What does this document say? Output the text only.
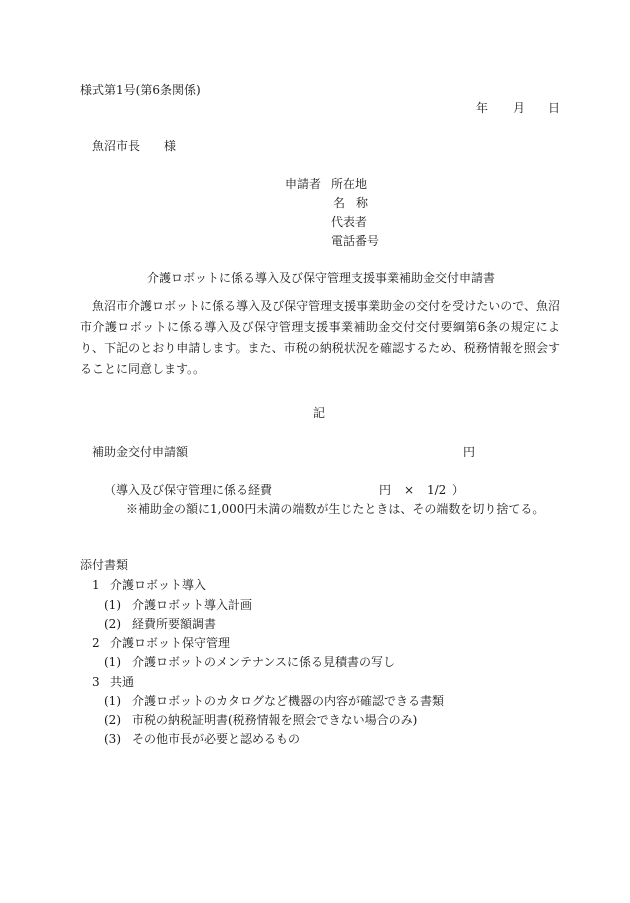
様式第1号(第6条関係)
年 月 日
魚沼市長 様
申請者 所在地
名 称
代表者
電話番号
介護ロボットに係る導入及び保守管理支援事業補助金交付申請書
魚沼市介護ロボットに係る導入及び保守管理支援事業助金の交付を受けたいので、魚沼市介護ロボットに係る導入及び保守管理支援事業補助金交付交付要綱第6条の規定により、下記のとおり申請します。また、市税の納税状況を確認するため、税務情報を照会することに同意します。。
記
補助金交付申請額	円
（導入及び保守管理に係る経費	円 × 1/2 ）
※補助金の額に1,000円未満の端数が生じたときは、その端数を切り捨てる。
添付書類
1 介護ロボット導入
(1) 介護ロボット導入計画
(2) 経費所要額調書
2 介護ロボット保守管理
(1) 介護ロボットのメンテナンスに係る見積書の写し
3 共通
(1) 介護ロボットのカタログなど機器の内容が確認できる書類
(2) 市税の納税証明書(税務情報を照会できない場合のみ)
(3) その他市長が必要と認めるもの
